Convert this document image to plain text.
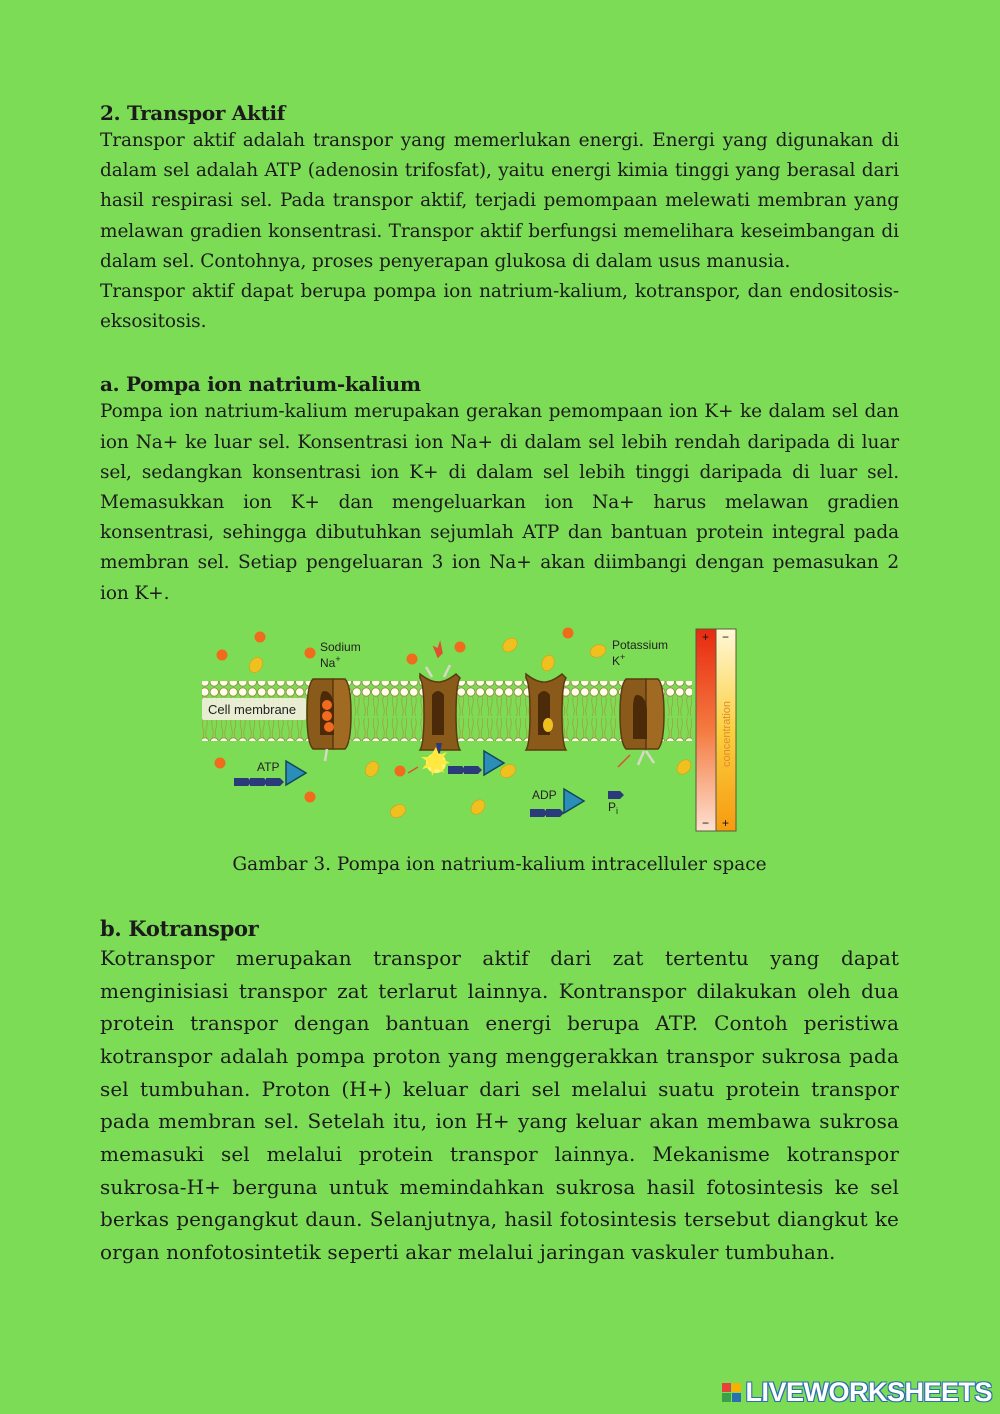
2. Transpor Aktif

Transpor aktif adalah transpor yang memerlukan energi. Energi yang digunakan di dalam sel adalah ATP (adenosin trifosfat), yaitu energi kimia tinggi yang berasal dari hasil respirasi sel. Pada transpor aktif, terjadi pemompaan melewati membran yang melawan gradien konsentrasi. Transpor aktif berfungsi memelihara keseimbangan di dalam sel. Contohnya, proses penyerapan glukosa di dalam usus manusia.

Transpor aktif dapat berupa pompa ion natrium-kalium, kotranspor, dan endositosis-eksositosis.

a. Pompa ion natrium-kalium

Pompa ion natrium-kalium merupakan gerakan pemompaan ion K+ ke dalam sel dan ion Na+ ke luar sel. Konsentrasi ion Na+ di dalam sel lebih rendah daripada di luar sel, sedangkan konsentrasi ion K+ di dalam sel lebih tinggi daripada di luar sel. Memasukkan ion K+ dan mengeluarkan ion Na+ harus melawan gradien konsentrasi, sehingga dibutuhkan sejumlah ATP dan bantuan protein integral pada membran sel. Setiap pengeluaran 3 ion Na+ akan diimbangi dengan pemasukan 2 ion K+.

Cell membrane
ATP
ADP
$P_i$
Sodium
Na+
Potassium
K+
+ −
− +
concentration

Gambar 3. Pompa ion natrium-kalium intracelluler space

b. Kotranspor

Kotranspor merupakan transpor aktif dari zat tertentu yang dapat menginisiasi transpor zat terlarut lainnya. Kontranspor dilakukan oleh dua protein transpor dengan bantuan energi berupa ATP. Contoh peristiwa kotranspor adalah pompa proton yang menggerakkan transpor sukrosa pada sel tumbuhan. Proton (H+) keluar dari sel melalui suatu protein transpor pada membran sel. Setelah itu, ion H+ yang keluar akan membawa sukrosa memasuki sel melalui protein transpor lainnya. Mekanisme kotranspor sukrosa-H+ berguna untuk memindahkan sukrosa hasil fotosintesis ke sel berkas pengangkut daun. Selanjutnya, hasil fotosintesis tersebut diangkut ke organ nonfotosintetik seperti akar melalui jaringan vaskuler tumbuhan.

LIVEWORKSHEETS
